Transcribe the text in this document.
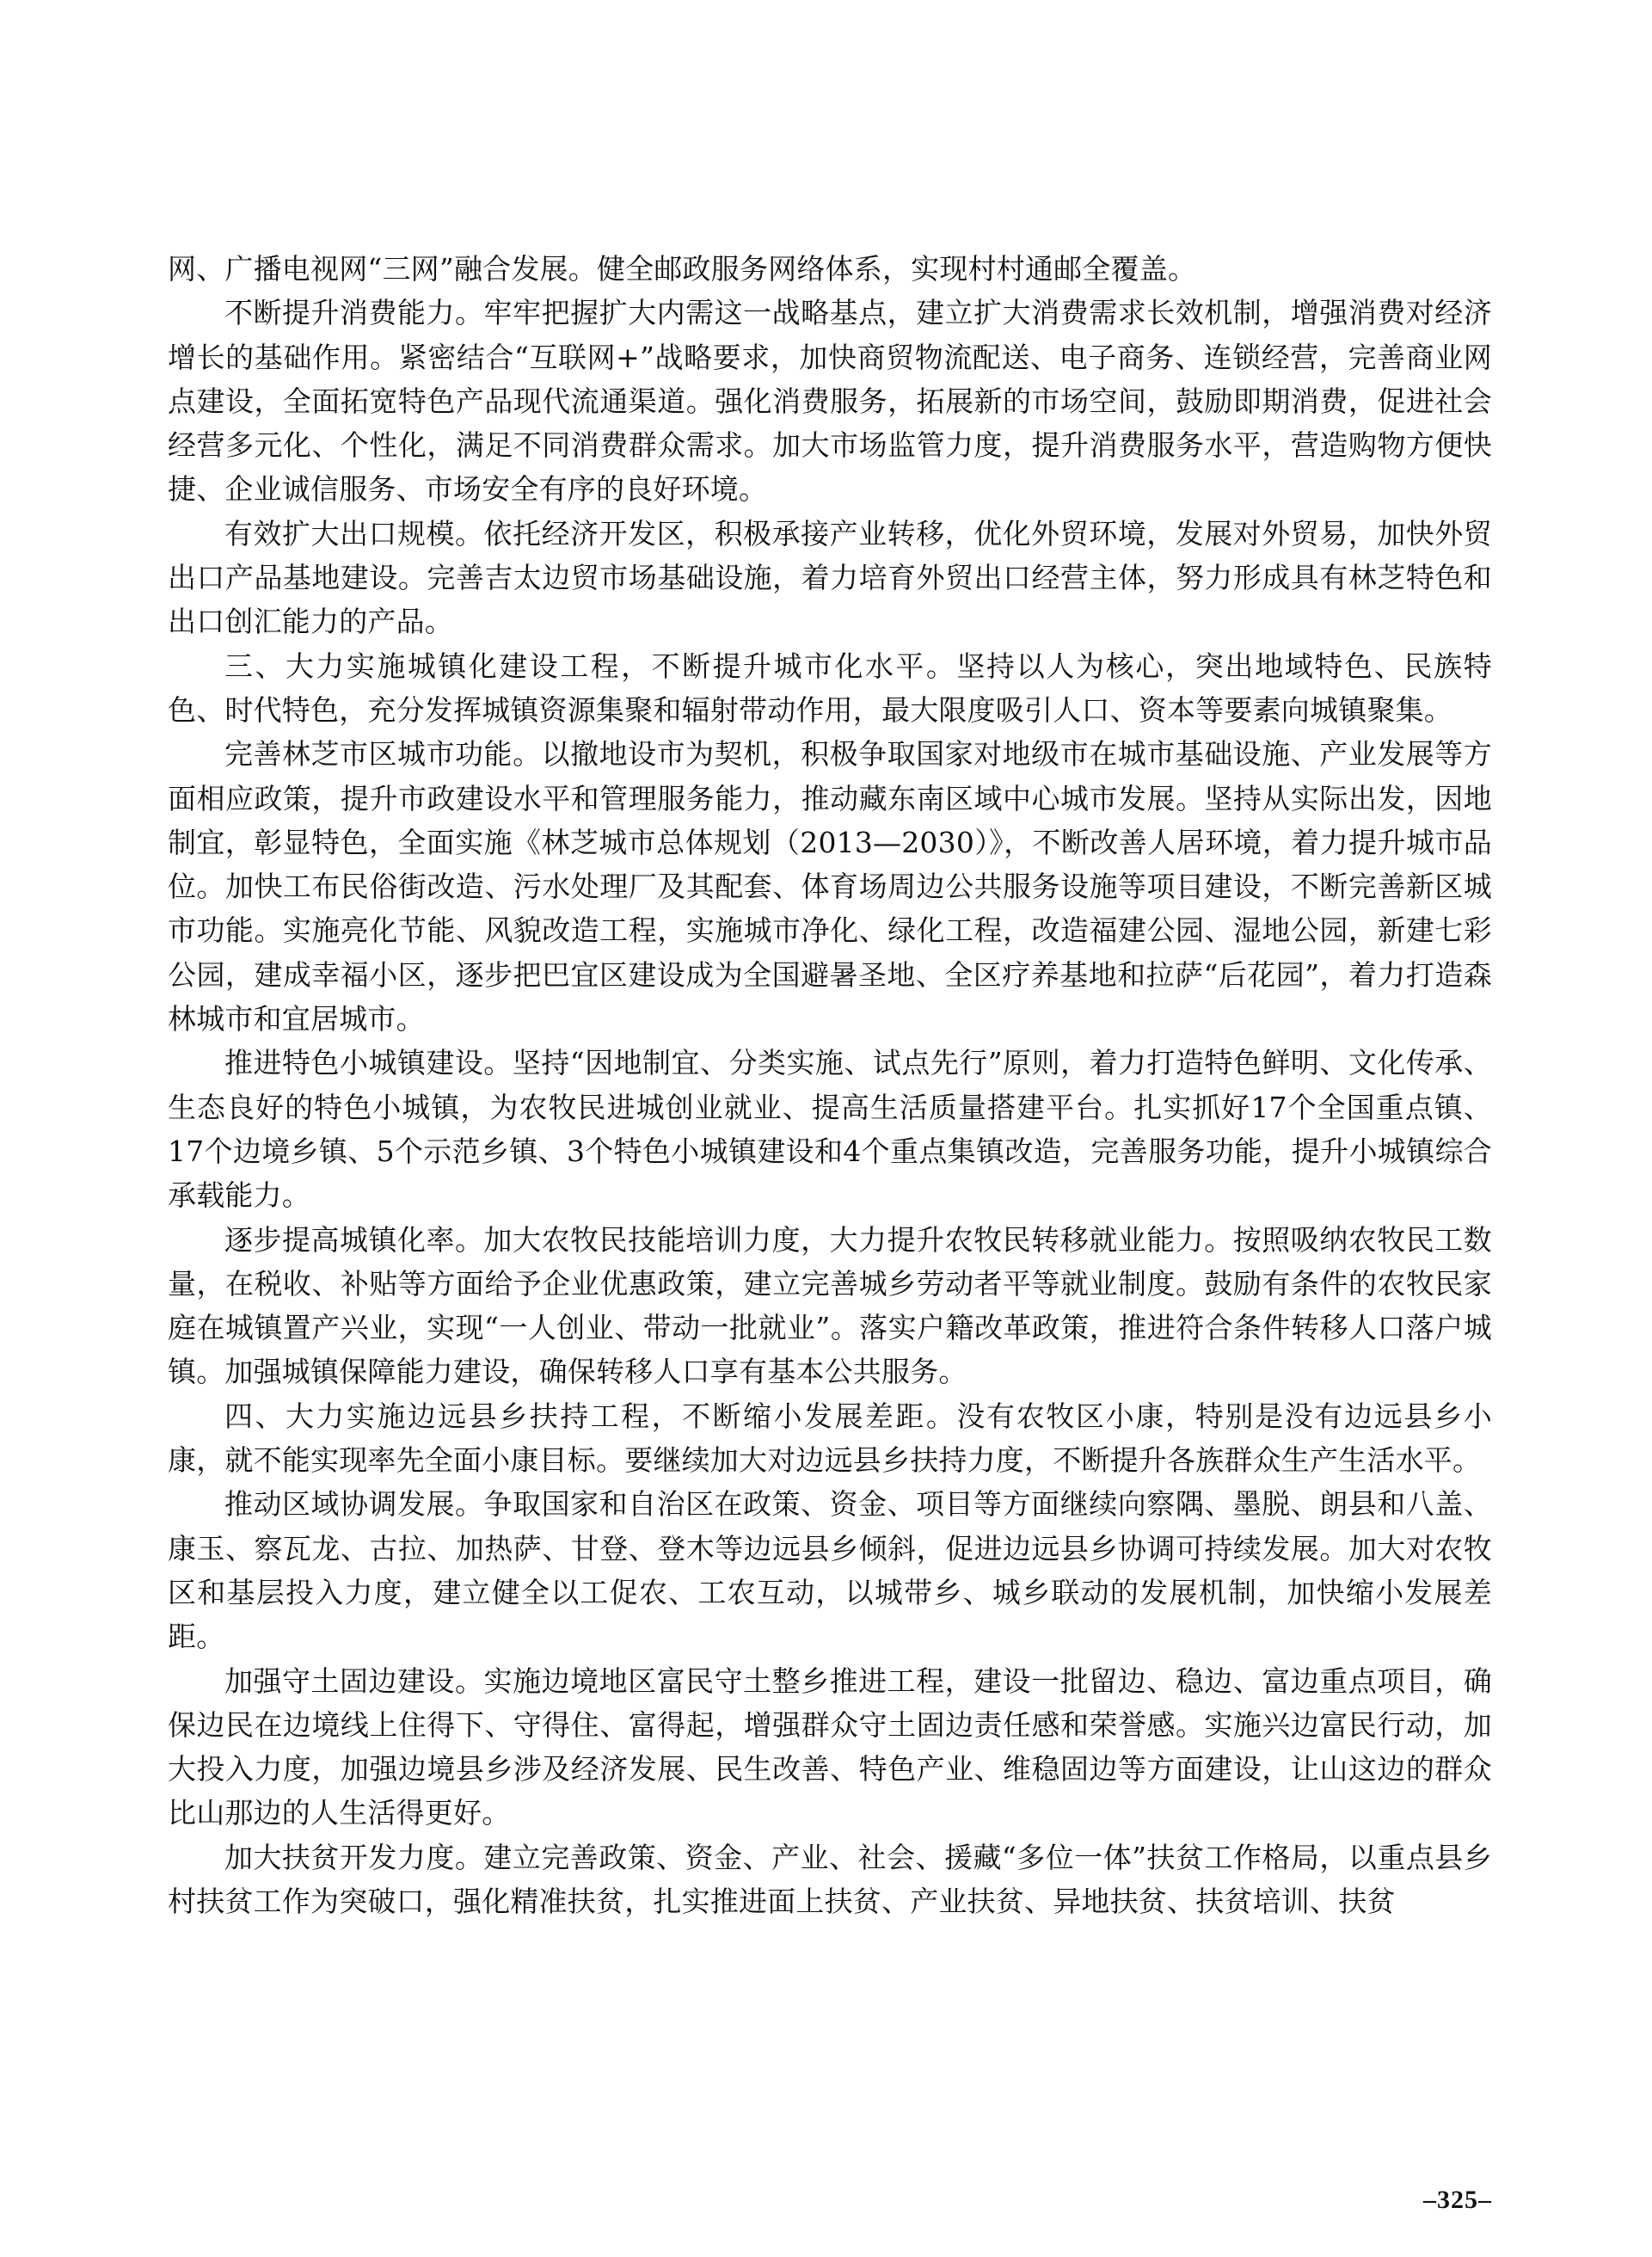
网、广播电视网“三网”融合发展。健全邮政服务网络体系，实现村村通邮全覆盖。

不断提升消费能力。牢牢把握扩大内需这一战略基点，建立扩大消费需求长效机制，增强消费对经济增长的基础作用。紧密结合“互联网+”战略要求，加快商贸物流配送、电子商务、连锁经营，完善商业网点建设，全面拓宽特色产品现代流通渠道。强化消费服务，拓展新的市场空间，鼓励即期消费，促进社会经营多元化、个性化，满足不同消费群众需求。加大市场监管力度，提升消费服务水平，营造购物方便快捷、企业诚信服务、市场安全有序的良好环境。

有效扩大出口规模。依托经济开发区，积极承接产业转移，优化外贸环境，发展对外贸易，加快外贸出口产品基地建设。完善吉太边贸市场基础设施，着力培育外贸出口经营主体，努力形成具有林芝特色和出口创汇能力的产品。

三、大力实施城镇化建设工程，不断提升城市化水平。坚持以人为核心，突出地域特色、民族特色、时代特色，充分发挥城镇资源集聚和辐射带动作用，最大限度吸引人口、资本等要素向城镇聚集。

完善林芝市区城市功能。以撤地设市为契机，积极争取国家对地级市在城市基础设施、产业发展等方面相应政策，提升市政建设水平和管理服务能力，推动藏东南区域中心城市发展。坚持从实际出发，因地制宜，彰显特色，全面实施《林芝城市总体规划（2013—2030）》，不断改善人居环境，着力提升城市品位。加快工布民俗街改造、污水处理厂及其配套、体育场周边公共服务设施等项目建设，不断完善新区城市功能。实施亮化节能、风貌改造工程，实施城市净化、绿化工程，改造福建公园、湿地公园，新建七彩公园，建成幸福小区，逐步把巴宜区建设成为全国避暑圣地、全区疗养基地和拉萨“后花园”，着力打造森林城市和宜居城市。

推进特色小城镇建设。坚持“因地制宜、分类实施、试点先行”原则，着力打造特色鲜明、文化传承、生态良好的特色小城镇，为农牧民进城创业就业、提高生活质量搭建平台。扎实抓好17个全国重点镇、17个边境乡镇、5个示范乡镇、3个特色小城镇建设和4个重点集镇改造，完善服务功能，提升小城镇综合承载能力。

逐步提高城镇化率。加大农牧民技能培训力度，大力提升农牧民转移就业能力。按照吸纳农牧民工数量，在税收、补贴等方面给予企业优惠政策，建立完善城乡劳动者平等就业制度。鼓励有条件的农牧民家庭在城镇置产兴业，实现“一人创业、带动一批就业”。落实户籍改革政策，推进符合条件转移人口落户城镇。加强城镇保障能力建设，确保转移人口享有基本公共服务。

四、大力实施边远县乡扶持工程，不断缩小发展差距。没有农牧区小康，特别是没有边远县乡小康，就不能实现率先全面小康目标。要继续加大对边远县乡扶持力度，不断提升各族群众生产生活水平。

推动区域协调发展。争取国家和自治区在政策、资金、项目等方面继续向察隅、墨脱、朗县和八盖、康玉、察瓦龙、古拉、加热萨、甘登、登木等边远县乡倾斜，促进边远县乡协调可持续发展。加大对农牧区和基层投入力度，建立健全以工促农、工农互动，以城带乡、城乡联动的发展机制，加快缩小发展差距。

加强守土固边建设。实施边境地区富民守土整乡推进工程，建设一批留边、稳边、富边重点项目，确保边民在边境线上住得下、守得住、富得起，增强群众守土固边责任感和荣誉感。实施兴边富民行动，加大投入力度，加强边境县乡涉及经济发展、民生改善、特色产业、维稳固边等方面建设，让山这边的群众比山那边的人生活得更好。

加大扶贫开发力度。建立完善政策、资金、产业、社会、援藏“多位一体”扶贫工作格局，以重点县乡村扶贫工作为突破口，强化精准扶贫，扎实推进面上扶贫、产业扶贫、异地扶贫、扶贫培训、扶贫

–325–
